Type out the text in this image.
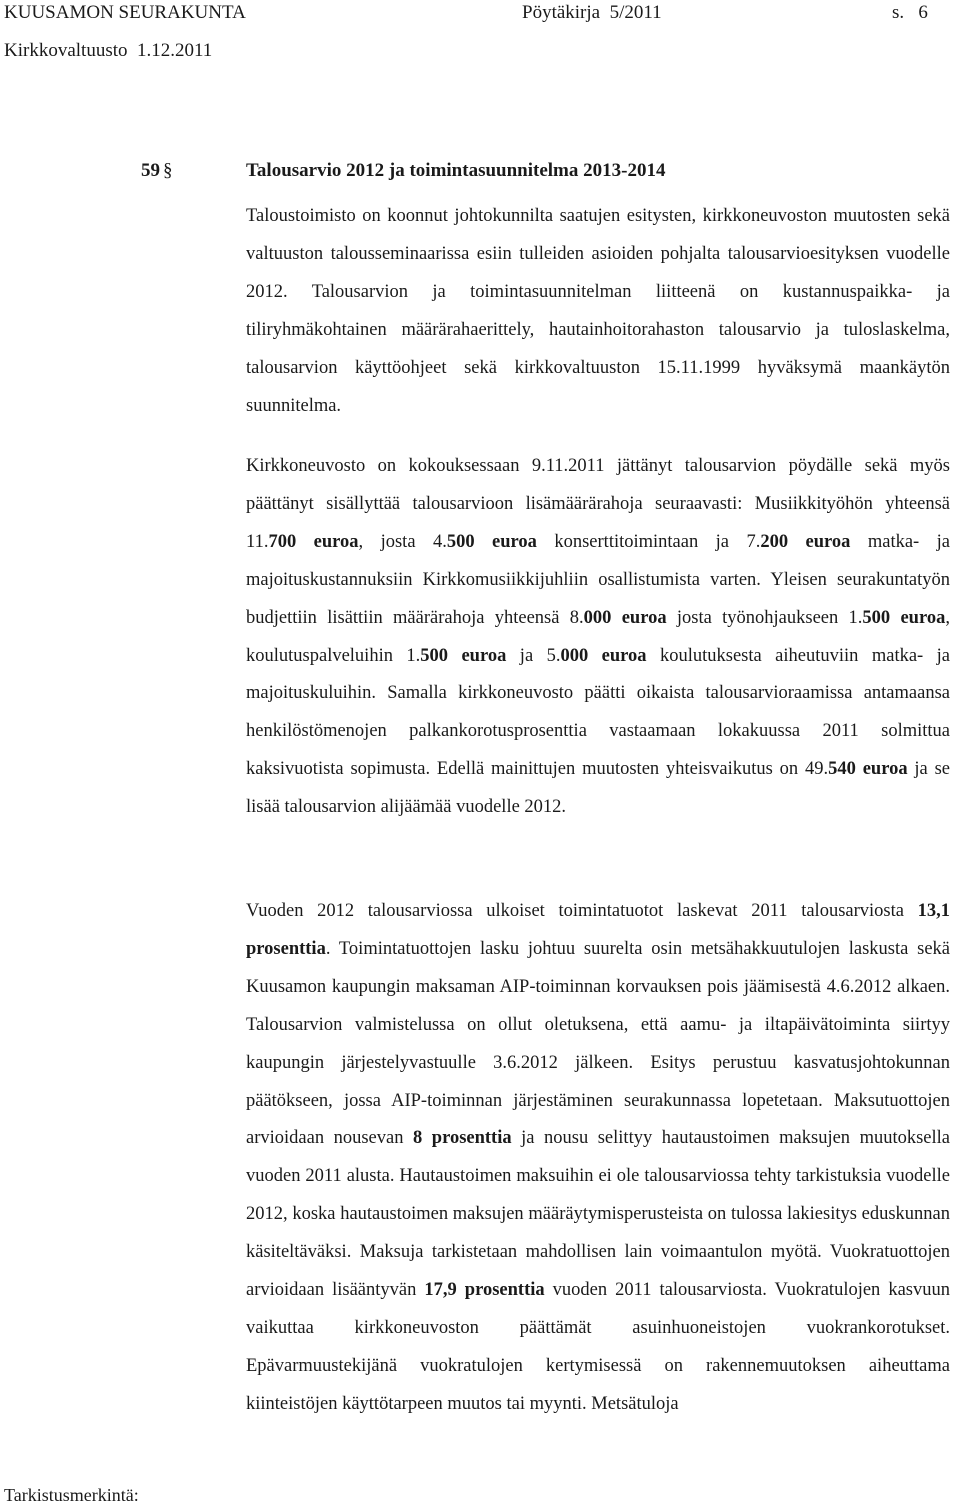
KUUSAMON SEURAKUNTA	Pöytäkirja  5/2011	s.   6
Kirkkovaltuusto  1.12.2011
59 §	Talousarvio 2012 ja toimintasuunnitelma 2013-2014
Taloustoimisto on koonnut johtokunnilta saatujen esitysten, kirkkoneuvoston muutosten sekä valtuuston talousseminaarissa esiin tulleiden asioiden pohjalta talousarvioesityksen vuodelle 2012. Talousarvion ja toimintasuunnitelman liitteenä on kustannuspaikka- ja tiliryhmäkohtainen määrärahaerittely, hautainhoitorahaston talousarvio ja tuloslaskelma, talousarvion käyttöohjeet sekä kirkkovaltuuston 15.11.1999 hyväksymä maankäytön suunnitelma.
Kirkkoneuvosto on kokouksessaan 9.11.2011 jättänyt talousarvion pöydälle sekä myös päättänyt sisällyttää talousarvioon lisämäärärahoja seuraavasti: Musiikkityöhön yhteensä 11.700 euroa, josta 4.500 euroa konserttitoimintaan ja 7.200 euroa matka- ja majoituskustannuksiin Kirkkomusiikkijuhliin osallistumista varten. Yleisen seurakuntatyön budjettiin lisättiin määrärahoja yhteensä 8.000 euroa josta työnohjaukseen 1.500 euroa, koulutuspalveluihin 1.500 euroa ja 5.000 euroa koulutuksesta aiheutuviin matka- ja majoituskuluihin. Samalla kirkkoneuvosto päätti oikaista talousarvioraamissa antamaansa henkilöstömenojen palkankorotusprosenttia vastaamaan lokakuussa 2011 solmittua kaksivuotista sopimusta. Edellä mainittujen muutosten yhteisvaikutus on 49.540 euroa ja se lisää talousarvion alijäämää vuodelle 2012.
Vuoden 2012 talousarviossa ulkoiset toimintatuotot laskevat 2011 talousarviosta 13,1 prosenttia. Toimintatuottojen lasku johtuu suurelta osin metsähakkuutulojen laskusta sekä Kuusamon kaupungin maksaman AIP-toiminnan korvauksen pois jäämisestä 4.6.2012 alkaen. Talousarvion valmistelussa on ollut oletuksena, että aamu- ja iltapäivätoiminta siirtyy kaupungin järjestelyvastuulle 3.6.2012 jälkeen. Esitys perustuu kasvatusjohtokunnan päätökseen, jossa AIP-toiminnan järjestäminen seurakunnassa lopetetaan. Maksutuottojen arvioidaan nousevan 8 prosenttia ja nousu selittyy hautaustoimen maksujen muutoksella vuoden 2011 alusta. Hautaustoimen maksuihin ei ole talousarviossa tehty tarkistuksia vuodelle 2012, koska hautaustoimen maksujen määräytymisperusteista on tulossa lakiesitys eduskunnan käsiteltäväksi. Maksuja tarkistetaan mahdollisen lain voimaantulon myötä. Vuokratuottojen arvioidaan lisääntyvän 17,9 prosenttia vuoden 2011 talousarviosta. Vuokratulojen kasvuun vaikuttaa kirkkoneuvoston päättämät asuinhuoneistojen vuokrankorotukset. Epävarmuustekijänä vuokratulojen kertymisessä on rakennemuutoksen aiheuttama kiinteistöjen käyttötarpeen muutos tai myynti. Metsätuloja
Tarkistusmerkintä:
